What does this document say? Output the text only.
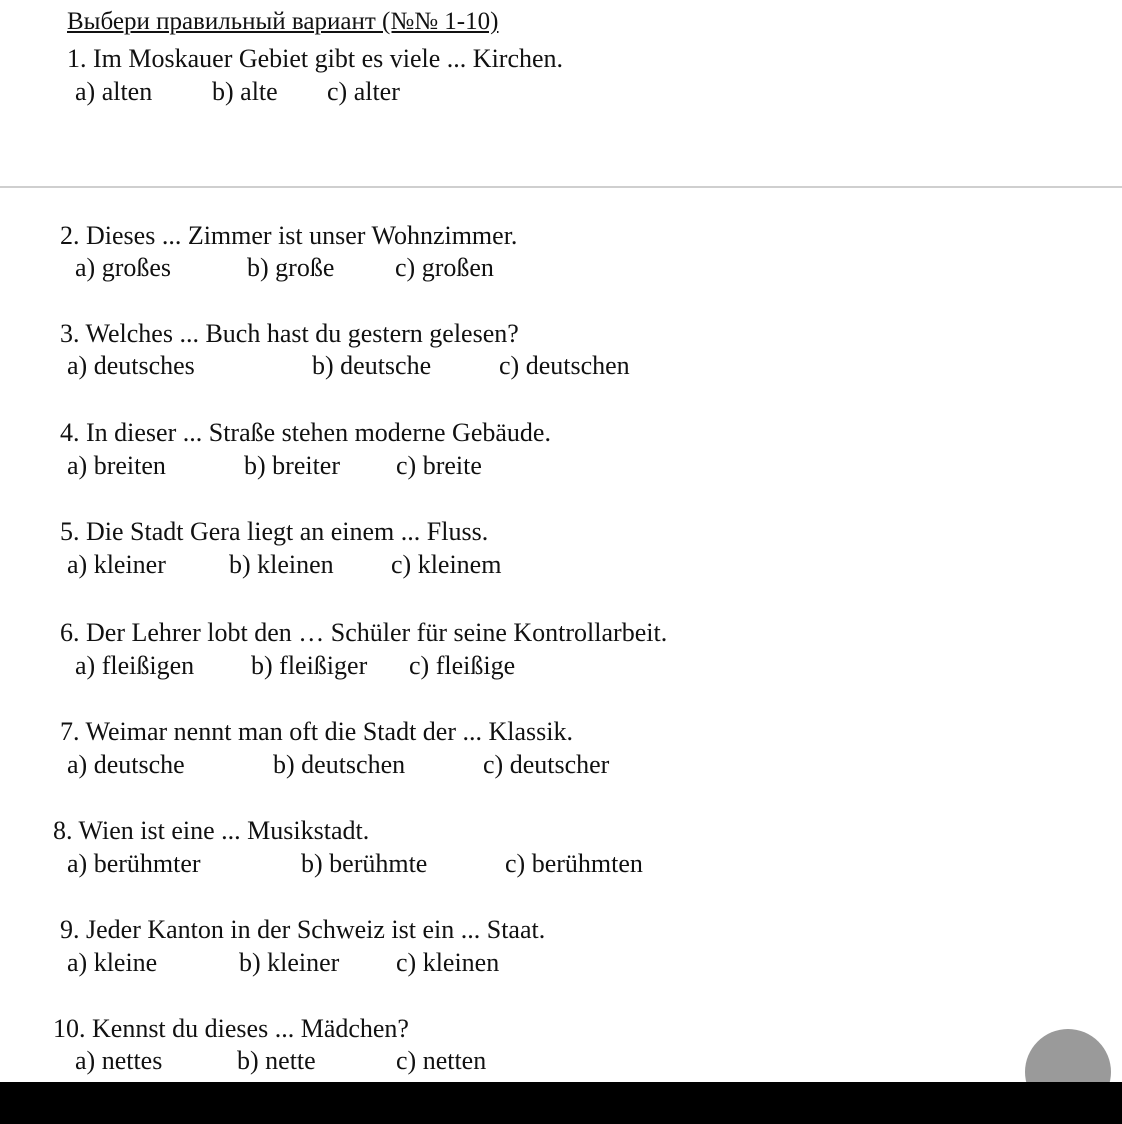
Выбери правильный вариант (№№ 1-10)
1. Im Moskauer Gebiet gibt es viele ... Kirchen.
a) alten b) alte c) alter
2. Dieses ... Zimmer ist unser Wohnzimmer.
a) großes	b) große c) großen
3. Welches ... Buch hast du gestern gelesen?
a) deutsches	b) deutsche	c) deutschen
4. In dieser ... Straße stehen moderne Gebäude.
a) breiten	b) breiter c) breite
5. Die Stadt Gera liegt an einem ... Fluss.
a) kleiner b) kleinen c) kleinem
6. Der Lehrer lobt den … Schüler für seine Kontrollarbeit.
a) fleißigen b) fleißiger c) fleißige
7. Weimar nennt man oft die Stadt der ... Klassik.
a) deutsche	b) deutschen	c) deutscher
8. Wien ist eine ... Musikstadt.
a) berühmter	b) berühmte	c) berühmten
9. Jeder Kanton in der Schweiz ist ein ... Staat.
a) kleine	b) kleiner c) kleinen
10. Kennst du dieses ... Mädchen?
a) nettes	b) nette	c) netten
